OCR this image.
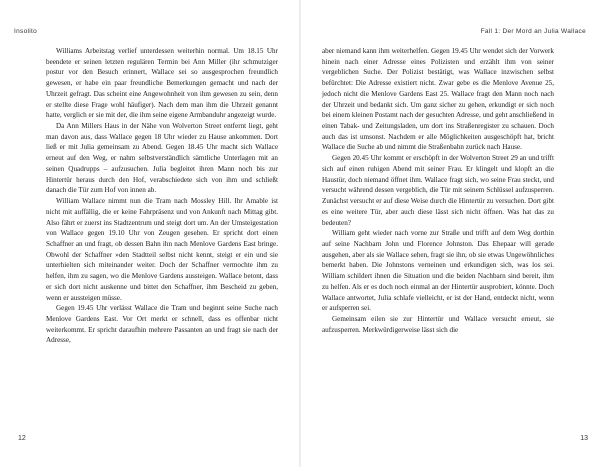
Insolito

Williams Arbeitstag verlief unterdessen weiterhin normal. Um 18.15 Uhr beendete er seinen letzten regulären Termin bei Ann Miller (ihr schmutziger postur vor den Besuch erinnert, Wallace sei so ausgesprochen freundlich gewesen, er habe ein paar freundliche Bemerkungen gemacht und nach der Uhrzeit gefragt. Das scheint eine Angewohnheit von ihm gewesen zu sein, denn er stellte diese Frage wohl häufiger). Nach dem man ihm die Uhrzeit genannt hatte, verglich er sie mit der, die ihm seine eigene Armbanduhr angezeigt wurde.

Da Ann Millers Haus in der Nähe von Wolverton Street entfernt liegt, geht man davon aus, dass Wallace gegen 18 Uhr wieder zu Hause ankommen. Dort ließ er mit Julia gemeinsam zu Abend. Gegen 18.45 Uhr macht sich Wallace erneut auf den Weg, er nahm selbstverständlich sämtliche Unterlagen mit an seinen Quadrupps – aufzusuchen. Julia begleitet ihren Mann noch bis zur Hintertür heraus durch den Hof, verabschiedete sich von ihm und schließt danach die Tür zum Hof von innen ab.

William Wallace nimmt nun die Tram nach Mossley Hill. Ihr Amable ist nicht mit auffällig, die er keine Fahrpräsenz und von Ankunft nach Mittag gibt. Also fährt er zuerst ins Stadtzentrum und steigt dort um. An der Umsteigestation von Wallace gegen 19.10 Uhr von Zeugen gesehen. Er spricht dort einen Schaffner an und fragt, ob dessen Bahn ihn nach Menlove Gardens East bringe. Obwohl der Schaffner »den Stadtteil selbst nicht kennt, steigt er ein und sie unterhielten sich miteinander weiter. Doch der Schaffner vermochte ihm zu helfen, ihm zu sagen, wo die Menlove Gardens aussteigen. Wallace betont, dass er sich dort nicht auskenne und bittet den Schaffner, ihm Bescheid zu geben, wenn er aussteigen müsse.

Gegen 19.45 Uhr verlässt Wallace die Tram und beginnt seine Suche nach Menlove Gardens East. Vor Ort merkt er schnell, dass es offenbar nicht weiterkommt. Er spricht daraufhin mehrere Passanten an und fragt sie nach der Adresse,

12
Fall 1: Der Mord an Julia Wallace

aber niemand kann ihm weiterhelfen. Gegen 19.45 Uhr wendet sich der Vorwerk hinein nach einer Adresse eines Polizisten und erzählt ihm von seiner vergeblichen Suche. Der Polizist bestätigt, was Wallace inzwischen selbst befürchtet: Die Adresse existiert nicht. Zwar gebe es die Menlove Avenue 25, jedoch nicht die Menlove Gardens East 25. Wallace fragt den Mann noch nach der Uhrzeit und bedankt sich. Um ganz sicher zu gehen, erkundigt er sich noch bei einem kleinen Postamt nach der gesuchten Adresse, und geht anschließend in einen Tabak- und Zeitungsladen, um dort ins Straßenregister zu schauen. Doch auch das ist umsonst. Nachdem er alle Möglichkeiten ausgeschöpft hat, bricht Wallace die Suche ab und nimmt die Straßenbahn zurück nach Hause.

Gegen 20.45 Uhr kommt er erschöpft in der Wolverton Street 29 an und trifft sich auf einen ruhigen Abend mit seiner Frau. Er klingelt und klopft an die Haustür, doch niemand öffnet ihm. Wallace fragt sich, wo seine Frau steckt, und versucht während dessen vergeblich, die Tür mit seinem Schlüssel aufzusperren. Zunächst versucht er auf diese Weise durch die Hintertür zu versuchen. Dort gibt es eine weitere Tür, aber auch diese lässt sich nicht öffnen. Was hat das zu bedeuten?

William geht wieder nach vorne zur Straße und trifft auf dem Weg dorthin auf seine Nachbarn John und Florence Johnston. Das Ehepaar will gerade ausgehen, aber als sie Wallace sehen, fragt sie ihn, ob sie etwas Ungewöhnliches bemerkt haben. Die Johnstons verneinen und erkundigen sich, was los sei. William schildert ihnen die Situation und die beiden Nachbarn sind bereit, ihm zu helfen. Als er es doch noch einmal an der Hintertür ausprobiert, könnte. Doch Wallace antwortet, Julia schlafe vielleicht, er ist der Hand, entdeckt nicht, wenn er aufsperren sei.

Gemeinsam eilen sie zur Hintertür und Wallace versucht erneut, sie aufzusperren. Merkwürdigerweise lässt sich die

13
